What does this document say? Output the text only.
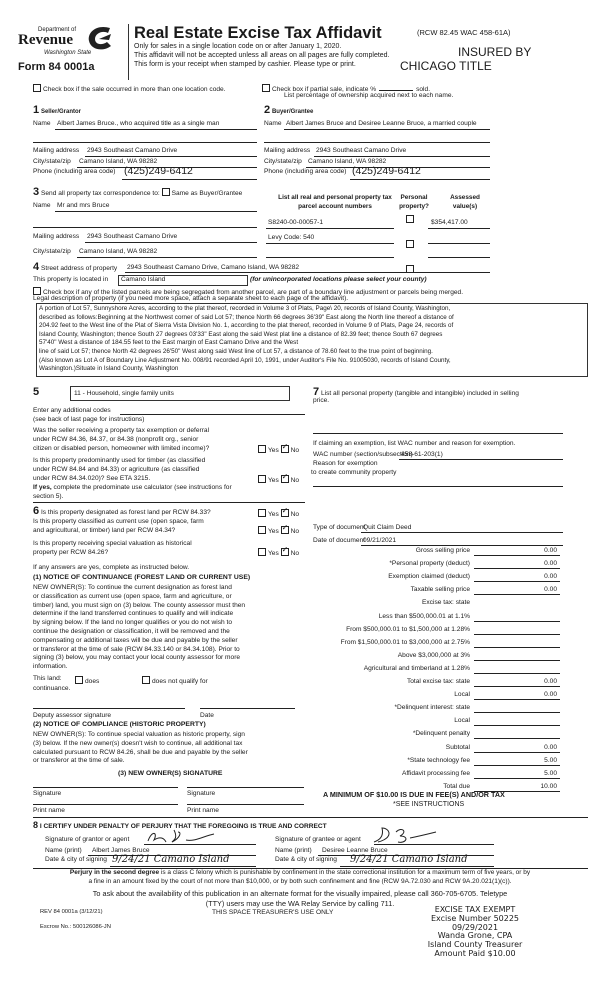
Department of
Revenue
Washington State
Form 84 0001a
Real Estate Excise Tax Affidavit	(RCW 82.45 WAC 458-61A)
Only for sales in a single location code on or after January 1, 2020.
This affidavit will not be accepted unless all areas on all pages are fully completed.
This form is your receipt when stamped by cashier. Please type or print.
INSURED BY
CHICAGO TITLE
Check box if the sale occurred in more than one location code.	Check box if partial sale, indicate %	sold.
List percentage of ownership acquired next to each name.
1 Seller/Grantor
Name Albert James Bruce., who acquired title as a single man
Mailing address 2943 Southeast Camano Drive
City/state/zip Camano Island, WA 98282
Phone (including area code) (425)249-6412
2 Buyer/Grantee
Name Albert James Bruce and Desiree Leanne Bruce, a married couple
Mailing address 2943 Southeast Camano Drive
City/state/zip Camano Island, WA 98282
Phone (including area code) (425)249-6412
3 Send all property tax correspondence to: Same as Buyer/Grantee
Name Mr and mrs Bruce
Mailing address 2943 Southeast Camano Drive
City/state/zip Camano Island, WA 98282
List all real and personal property tax
parcel account numbers
Personal
property?
Assessed
value(s)
S8240-00-00057-1	$354,417.00
Levy Code: 540
4 Street address of property 2943 Southeast Camano Drive, Camano Island, WA 98282
This property is located in Camano Island	(for unincorporated locations please select your county)
Check box if any of the listed parcels are being segregated from another parcel, are part of a boundary line adjustment or parcels being merged.
Legal description of property (if you need more space, attach a separate sheet to each page of the affidavit).
A portion of Lot 57, Sunnyshore Acres, according to the plat thereof, recorded in Volume 3 of Plats, Page\ 20, records of Island County, Washington,
described as follows:Beginning at the Northwest corner of said Lot 57; thence North 66 degrees 36'39" East along the North line thereof a distance of
204.92 feet to the West line of the Plat of Sierra Vista Division No. 1, according to the plat thereof, recorded in Volume 9 of Plats, Page 24, records of
Island County, Washington; thence South 27 degrees 03'33" East along the said West plat line a distance of 82.39 feet; thence South 67 degrees
57'40" West a distance of 184.55 feet to the East margin of East Camano Drive and the West
line of said Lot 57; thence North 42 degrees 26'50" West along said West line of Lot 57, a distance of 78.60 feet to the true point of beginning.
(Also known as Lot A of Boundary Line Adjustment No. 008/91 recorded April 10, 1991, under Auditor's File No. 91005030, records of Island County,
Washington.)Situate in Island County, Washington
5	11 - Household, single family units
Enter any additional codes
(see back of last page for instructions)
Was the seller receiving a property tax exemption or deferral
under RCW 84.36, 84.37, or 84.38 (nonprofit org., senior
citizen or disabled person, homeowner with limited income)?
Is this property predominantly used for timber (as classified
under RCW 84.84 and 84.33) or agriculture (as classified
under RCW 84.34.020)? See ETA 3215.
If yes, complete the predominate use calculator (see instructions for
section 5).
Yes ✓ No
Yes ✓ No
6 Is this property designated as forest land per RCW 84.33?	Yes ✓ No
Is this property classified as current use (open space, farm
and agricultural, or timber) land per RCW 84.34?	Yes ✓ No
Is this property receiving special valuation as historical
property per RCW 84.26?	Yes ✓ No
If any answers are yes, complete as instructed below.
(1) NOTICE OF CONTINUANCE (FOREST LAND OR CURRENT USE)
NEW OWNER(S): To continue the current designation as forest land
or classification as current use (open space, farm and agriculture, or
timber) land, you must sign on (3) below. The county assessor must then
determine if the land transferred continues to qualify and will indicate
by signing below. If the land no longer qualifies or you do not wish to
continue the designation or classification, it will be removed and the
compensating or additional taxes will be due and payable by the seller
or transferor at the time of sale (RCW 84.33.140 or 84.34.108). Prior to
signing (3) below, you may contact your local county assessor for more
information.
This land:	does	does not qualify for
continuance.
Deputy assessor signature	Date
(2) NOTICE OF COMPLIANCE (HISTORIC PROPERTY)
NEW OWNER(S): To continue special valuation as historic property, sign
(3) below. If the new owner(s) doesn't wish to continue, all additional tax
calculated pursuant to RCW 84.26, shall be due and payable by the seller
or transferor at the time of sale.
(3) NEW OWNER(S) SIGNATURE
Signature	Signature
Print name	Print name
7 List all personal property (tangible and intangible) included in selling
price.
If claiming an exemption, list WAC number and reason for exemption.
WAC number (section/subsection)
458-61-203(1)
Reason for exemption
to create community property
Type of document
Quit Claim Deed
Date of document
09/21/2021
Gross selling price	0.00
*Personal property (deduct)	0.00
Exemption claimed (deduct)	0.00
Taxable selling price	0.00
Excise tax: state
Less than $500,000.01 at 1.1%
From $500,000.01 to $1,500,000 at 1.28%
From $1,500,000.01 to $3,000,000 at 2.75%
Above $3,000,000 at 3%
Agricultural and timberland at 1.28%
Total excise tax: state	0.00
Local	0.00
*Delinquent interest: state
Local
*Delinquent penalty
Subtotal	0.00
*State technology fee	5.00
Affidavit processing fee	5.00
Total due	10.00
A MINIMUM OF $10.00 IS DUE IN FEE(S) AND/OR TAX
*SEE INSTRUCTIONS
8 I CERTIFY UNDER PENALTY OF PERJURY THAT THE FOREGOING IS TRUE AND CORRECT
Signature of grantor or agent
Name (print) Albert James Bruce
Date & city of signing 9/24/21 Camano Island
Signature of grantee or agent
Name (print) Desiree Leanne Bruce
Date & city of signing 9/24/21 Camano Island
Perjury in the second degree is a class C felony which is punishable by confinement in the state correctional institution for a maximum term of five years, or by
a fine in an amount fixed by the court of not more than $10,000, or by both such confinement and fine (RCW 9A.72.030 and RCW 9A.20.021(1)(c)).
To ask about the availability of this publication in an alternate format for the visually impaired, please call 360-705-6705. Teletype
(TTY) users may use the WA Relay Service by calling 711.
REV 84 0001a (3/12/21)	THIS SPACE TREASURER'S USE ONLY
Escrow No.: 500126086-JN
EXCISE TAX EXEMPT
Excise Number 50225
09/29/2021
Wanda Grone, CPA
Island County Treasurer
Amount Paid $10.00
